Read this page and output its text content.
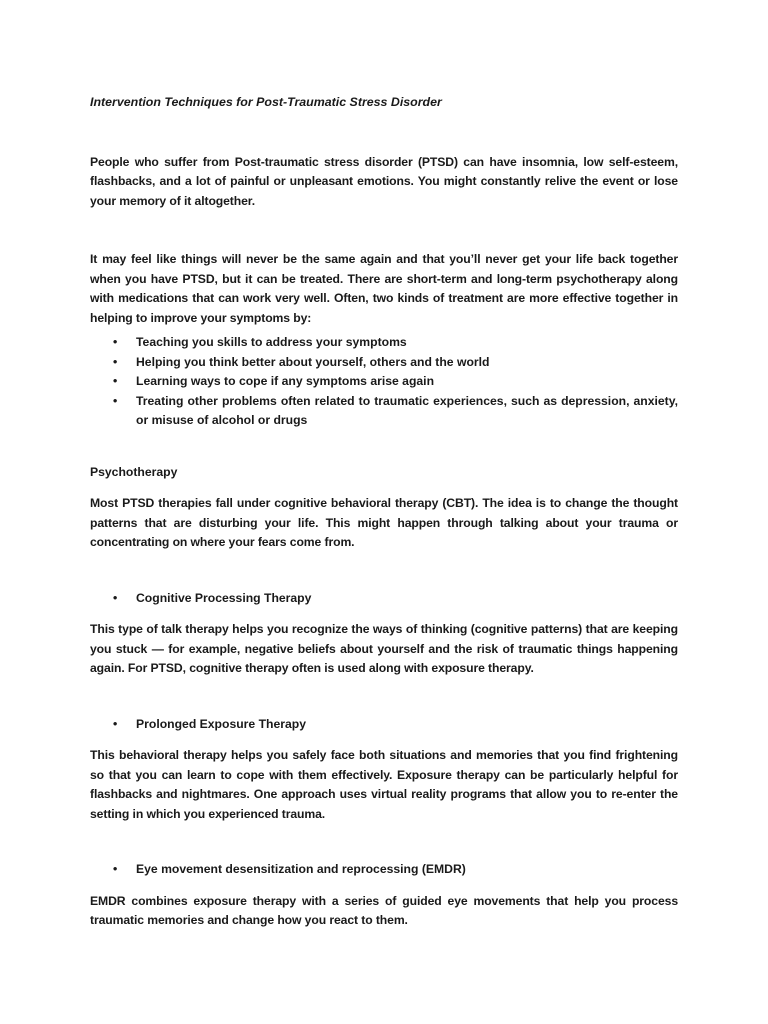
Intervention Techniques for Post-Traumatic Stress Disorder

People who suffer from Post-traumatic stress disorder (PTSD) can have insomnia, low self-esteem, flashbacks, and a lot of painful or unpleasant emotions. You might constantly relive the event or lose your memory of it altogether.

It may feel like things will never be the same again and that you’ll never get your life back together when you have PTSD, but it can be treated. There are short-term and long-term psychotherapy along with medications that can work very well. Often, two kinds of treatment are more effective together in helping to improve your symptoms by:

• Teaching you skills to address your symptoms
• Helping you think better about yourself, others and the world
• Learning ways to cope if any symptoms arise again
• Treating other problems often related to traumatic experiences, such as depression, anxiety, or misuse of alcohol or drugs
Psychotherapy

Most PTSD therapies fall under cognitive behavioral therapy (CBT). The idea is to change the thought patterns that are disturbing your life. This might happen through talking about your trauma or concentrating on where your fears come from.

• Cognitive Processing Therapy

This type of talk therapy helps you recognize the ways of thinking (cognitive patterns) that are keeping you stuck — for example, negative beliefs about yourself and the risk of traumatic things happening again. For PTSD, cognitive therapy often is used along with exposure therapy.

• Prolonged Exposure Therapy

This behavioral therapy helps you safely face both situations and memories that you find frightening so that you can learn to cope with them effectively. Exposure therapy can be particularly helpful for flashbacks and nightmares. One approach uses virtual reality programs that allow you to re-enter the setting in which you experienced trauma.

• Eye movement desensitization and reprocessing (EMDR)

EMDR combines exposure therapy with a series of guided eye movements that help you process traumatic memories and change how you react to them.
